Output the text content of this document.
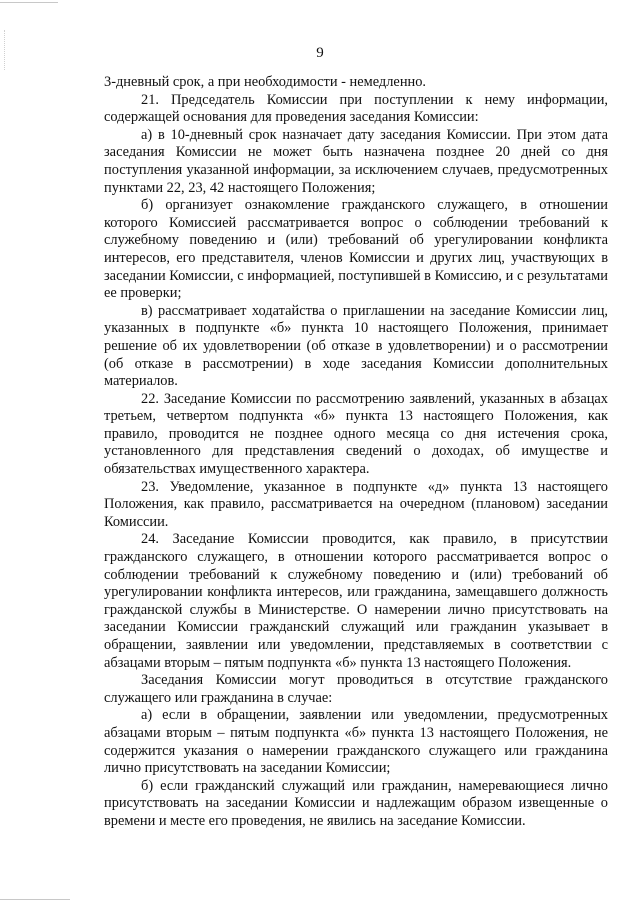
9

3-дневный срок, а при необходимости - немедленно.

21. Председатель Комиссии при поступлении к нему информации, содержащей основания для проведения заседания Комиссии:

а) в 10-дневный срок назначает дату заседания Комиссии. При этом дата заседания Комиссии не может быть назначена позднее 20 дней со дня поступления указанной информации, за исключением случаев, предусмотренных пунктами 22, 23, 42 настоящего Положения;

б) организует ознакомление гражданского служащего, в отношении которого Комиссией рассматривается вопрос о соблюдении требований к служебному поведению и (или) требований об урегулировании конфликта интересов, его представителя, членов Комиссии и других лиц, участвующих в заседании Комиссии, с информацией, поступившей в Комиссию, и с результатами ее проверки;

в) рассматривает ходатайства о приглашении на заседание Комиссии лиц, указанных в подпункте «б» пункта 10 настоящего Положения, принимает решение об их удовлетворении (об отказе в удовлетворении) и о рассмотрении (об отказе в рассмотрении) в ходе заседания Комиссии дополнительных материалов.

22. Заседание Комиссии по рассмотрению заявлений, указанных в абзацах третьем, четвертом подпункта «б» пункта 13 настоящего Положения, как правило, проводится не позднее одного месяца со дня истечения срока, установленного для представления сведений о доходах, об имуществе и обязательствах имущественного характера.

23. Уведомление, указанное в подпункте «д» пункта 13 настоящего Положения, как правило, рассматривается на очередном (плановом) заседании Комиссии.

24. Заседание Комиссии проводится, как правило, в присутствии гражданского служащего, в отношении которого рассматривается вопрос о соблюдении требований к служебному поведению и (или) требований об урегулировании конфликта интересов, или гражданина, замещавшего должность гражданской службы в Министерстве. О намерении лично присутствовать на заседании Комиссии гражданский служащий или гражданин указывает в обращении, заявлении или уведомлении, представляемых в соответствии с абзацами вторым – пятым подпункта «б» пункта 13 настоящего Положения.

Заседания Комиссии могут проводиться в отсутствие гражданского служащего или гражданина в случае:

а) если в обращении, заявлении или уведомлении, предусмотренных абзацами вторым – пятым подпункта «б» пункта 13 настоящего Положения, не содержится указания о намерении гражданского служащего или гражданина лично присутствовать на заседании Комиссии;

б) если гражданский служащий или гражданин, намеревающиеся лично присутствовать на заседании Комиссии и надлежащим образом извещенные о времени и месте его проведения, не явились на заседание Комиссии.
